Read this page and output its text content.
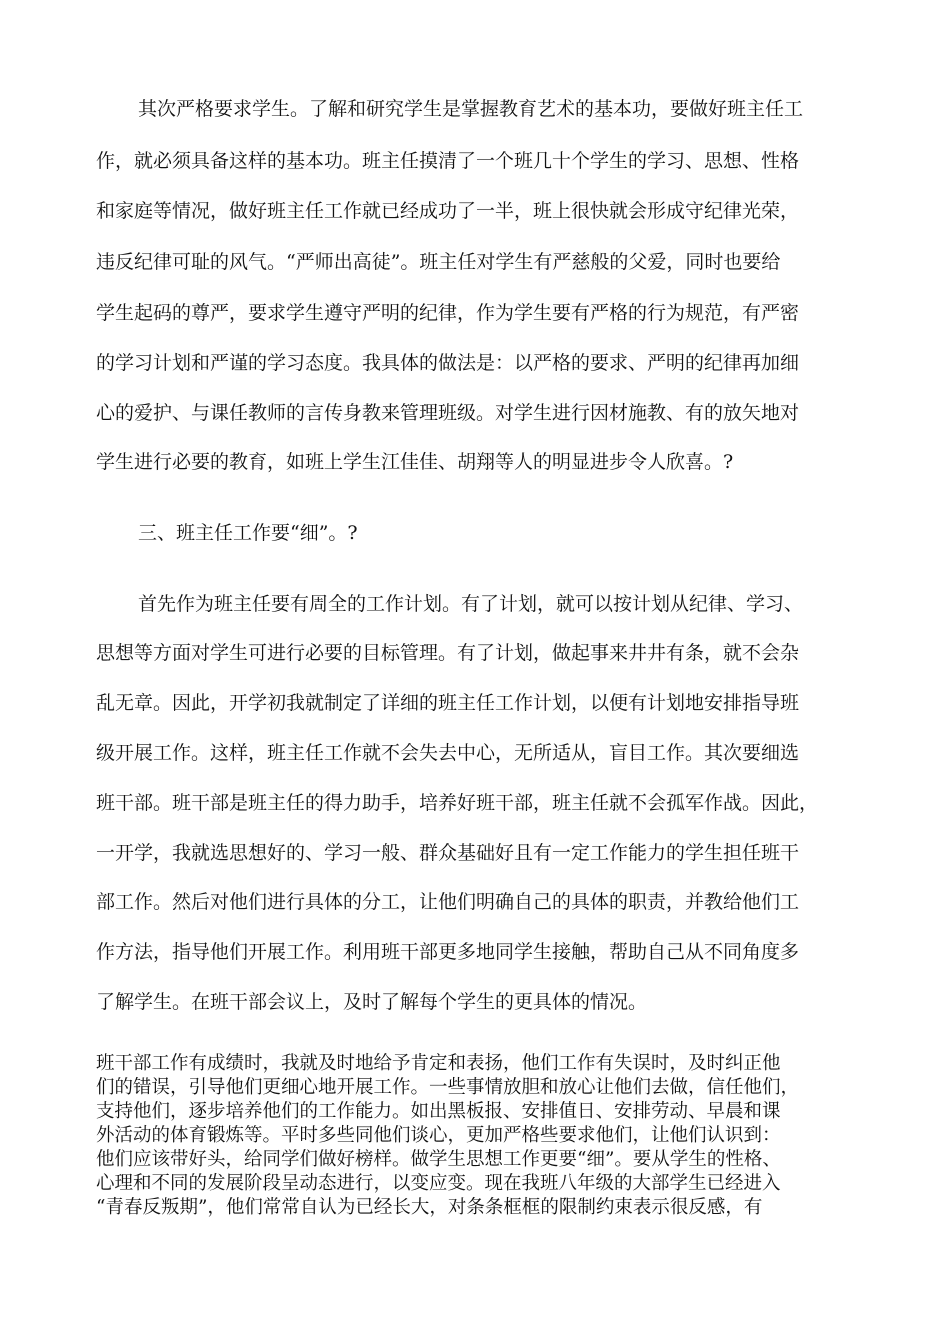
其次严格要求学生。了解和研究学生是掌握教育艺术的基本功，要做好班主任工

作，就必须具备这样的基本功。班主任摸清了一个班几十个学生的学习、思想、性格

和家庭等情况，做好班主任工作就已经成功了一半，班上很快就会形成守纪律光荣，

违反纪律可耻的风气。“严师出高徒”。班主任对学生有严慈般的父爱，同时也要给

学生起码的尊严，要求学生遵守严明的纪律，作为学生要有严格的行为规范，有严密

的学习计划和严谨的学习态度。我具体的做法是：以严格的要求、严明的纪律再加细

心的爱护、与课任教师的言传身教来管理班级。对学生进行因材施教、有的放矢地对

学生进行必要的教育，如班上学生江佳佳、胡翔等人的明显进步令人欣喜。?

三、班主任工作要“细”。?

首先作为班主任要有周全的工作计划。有了计划，就可以按计划从纪律、学习、

思想等方面对学生可进行必要的目标管理。有了计划，做起事来井井有条，就不会杂

乱无章。因此，开学初我就制定了详细的班主任工作计划，以便有计划地安排指导班

级开展工作。这样，班主任工作就不会失去中心，无所适从，盲目工作。其次要细选

班干部。班干部是班主任的得力助手，培养好班干部，班主任就不会孤军作战。因此，

一开学，我就选思想好的、学习一般、群众基础好且有一定工作能力的学生担任班干

部工作。然后对他们进行具体的分工，让他们明确自己的具体的职责，并教给他们工

作方法，指导他们开展工作。利用班干部更多地同学生接触，帮助自己从不同角度多

了解学生。在班干部会议上，及时了解每个学生的更具体的情况。

班干部工作有成绩时，我就及时地给予肯定和表扬，他们工作有失误时，及时纠正他

们的错误，引导他们更细心地开展工作。一些事情放胆和放心让他们去做，信任他们，

支持他们，逐步培养他们的工作能力。如出黑板报、安排值日、安排劳动、早晨和课

外活动的体育锻炼等。平时多些同他们谈心，更加严格些要求他们，让他们认识到：

他们应该带好头，给同学们做好榜样。做学生思想工作更要“细”。要从学生的性格、

心理和不同的发展阶段呈动态进行，以变应变。现在我班八年级的大部学生已经进入

“青春反叛期”，他们常常自认为已经长大，对条条框框的限制约束表示很反感，有
